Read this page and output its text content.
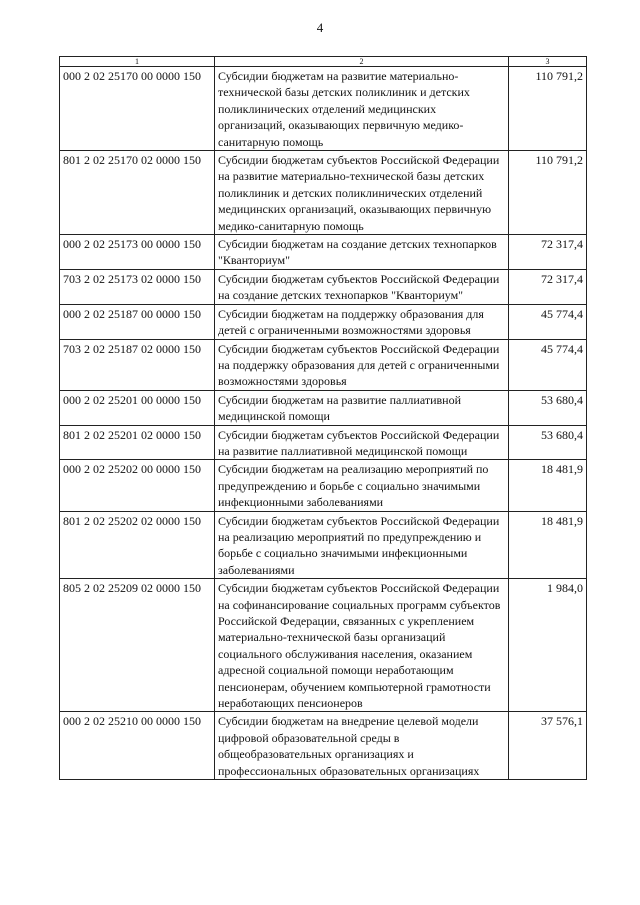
4
1	2	3
000 2 02 25170 00 0000 150	Субсидии бюджетам на развитие материально-технической базы детских поликлиник и детских поликлинических отделений медицинских организаций, оказывающих первичную медико-санитарную помощь	110 791,2
801 2 02 25170 02 0000 150	Субсидии бюджетам субъектов Российской Федерации на развитие материально-технической базы детских поликлиник и детских поликлинических отделений медицинских организаций, оказывающих первичную медико-санитарную помощь	110 791,2
000 2 02 25173 00 0000 150	Субсидии бюджетам на создание детских технопарков "Кванториум"	72 317,4
703 2 02 25173 02 0000 150	Субсидии бюджетам субъектов Российской Федерации на создание детских технопарков "Кванториум"	72 317,4
000 2 02 25187 00 0000 150	Субсидии бюджетам на поддержку образования для детей с ограниченными возможностями здоровья	45 774,4
703 2 02 25187 02 0000 150	Субсидии бюджетам субъектов Российской Федерации на поддержку образования для детей с ограниченными возможностями здоровья	45 774,4
000 2 02 25201 00 0000 150	Субсидии бюджетам на развитие паллиативной медицинской помощи	53 680,4
801 2 02 25201 02 0000 150	Субсидии бюджетам субъектов Российской Федерации на развитие паллиативной медицинской помощи	53 680,4
000 2 02 25202 00 0000 150	Субсидии бюджетам на реализацию мероприятий по предупреждению и борьбе с социально значимыми инфекционными заболеваниями	18 481,9
801 2 02 25202 02 0000 150	Субсидии бюджетам субъектов Российской Федерации на реализацию мероприятий по предупреждению и борьбе с социально значимыми инфекционными заболеваниями	18 481,9
805 2 02 25209 02 0000 150	Субсидии бюджетам субъектов Российской Федерации на софинансирование социальных программ субъектов Российской Федерации, связанных с укреплением материально-технической базы организаций социального обслуживания населения, оказанием адресной социальной помощи неработающим пенсионерам, обучением компьютерной грамотности неработающих пенсионеров	1 984,0
000 2 02 25210 00 0000 150	Субсидии бюджетам на внедрение целевой модели цифровой образовательной среды в общеобразовательных организациях и профессиональных образовательных организациях	37 576,1
